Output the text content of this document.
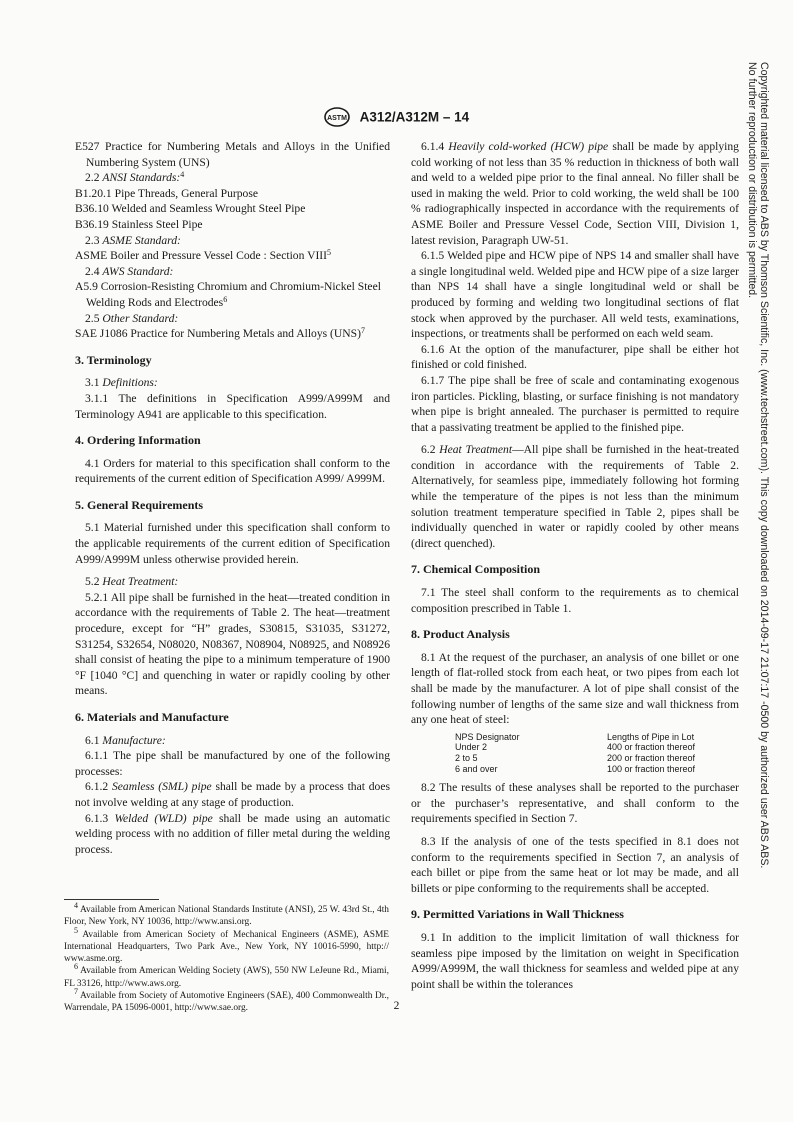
ASTM A312/A312M – 14

E527 Practice for Numbering Metals and Alloys in the Unified Numbering System (UNS)

2.2 ANSI Standards:$^4$

B1.20.1 Pipe Threads, General Purpose

B36.10 Welded and Seamless Wrought Steel Pipe

B36.19 Stainless Steel Pipe

2.3 ASME Standard:

ASME Boiler and Pressure Vessel Code : Section VIII$^5$

2.4 AWS Standard:

A5.9 Corrosion-Resisting Chromium and Chromium-Nickel Steel Welding Rods and Electrodes$^6$

2.5 Other Standard:

SAE J1086 Practice for Numbering Metals and Alloys (UNS)$^7$

3. Terminology

3.1 Definitions:

3.1.1 The definitions in Specification A999/A999M and Terminology A941 are applicable to this specification.

4. Ordering Information

4.1 Orders for material to this specification shall conform to the requirements of the current edition of Specification A999/ A999M.

5. General Requirements

5.1 Material furnished under this specification shall conform to the applicable requirements of the current edition of Specification A999/A999M unless otherwise provided herein.

5.2 Heat Treatment:

5.2.1 All pipe shall be furnished in the heat—treated condition in accordance with the requirements of Table 2. The heat—treatment procedure, except for “H” grades, S30815, S31035, S31272, S31254, S32654, N08020, N08367, N08904, N08925, and N08926 shall consist of heating the pipe to a minimum temperature of 1900 °F [1040 °C] and quenching in water or rapidly cooling by other means.

6. Materials and Manufacture

6.1 Manufacture:

6.1.1 The pipe shall be manufactured by one of the following processes:

6.1.2 Seamless (SML) pipe shall be made by a process that does not involve welding at any stage of production.

6.1.3 Welded (WLD) pipe shall be made using an automatic welding process with no addition of filler metal during the welding process.

$^4$ Available from American National Standards Institute (ANSI), 25 W. 43rd St., 4th Floor, New York, NY 10036, http://www.ansi.org.

$^5$ Available from American Society of Mechanical Engineers (ASME), ASME International Headquarters, Two Park Ave., New York, NY 10016-5990, http:// www.asme.org.

$^6$ Available from American Welding Society (AWS), 550 NW LeJeune Rd., Miami, FL 33126, http://www.aws.org.

$^7$ Available from Society of Automotive Engineers (SAE), 400 Commonwealth Dr., Warrendale, PA 15096-0001, http://www.sae.org.

6.1.4 Heavily cold-worked (HCW) pipe shall be made by applying cold working of not less than 35 % reduction in thickness of both wall and weld to a welded pipe prior to the final anneal. No filler shall be used in making the weld. Prior to cold working, the weld shall be 100 % radiographically inspected in accordance with the requirements of ASME Boiler and Pressure Vessel Code, Section VIII, Division 1, latest revision, Paragraph UW-51.

6.1.5 Welded pipe and HCW pipe of NPS 14 and smaller shall have a single longitudinal weld. Welded pipe and HCW pipe of a size larger than NPS 14 shall have a single longitudinal weld or shall be produced by forming and welding two longitudinal sections of flat stock when approved by the purchaser. All weld tests, examinations, inspections, or treatments shall be performed on each weld seam.

6.1.6 At the option of the manufacturer, pipe shall be either hot finished or cold finished.

6.1.7 The pipe shall be free of scale and contaminating exogenous iron particles. Pickling, blasting, or surface finishing is not mandatory when pipe is bright annealed. The purchaser is permitted to require that a passivating treatment be applied to the finished pipe.

6.2 Heat Treatment—All pipe shall be furnished in the heat-treated condition in accordance with the requirements of Table 2. Alternatively, for seamless pipe, immediately following hot forming while the temperature of the pipes is not less than the minimum solution treatment temperature specified in Table 2, pipes shall be individually quenched in water or rapidly cooled by other means (direct quenched).

7. Chemical Composition

7.1 The steel shall conform to the requirements as to chemical composition prescribed in Table 1.

8. Product Analysis

8.1 At the request of the purchaser, an analysis of one billet or one length of flat-rolled stock from each heat, or two pipes from each lot shall be made by the manufacturer. A lot of pipe shall consist of the following number of lengths of the same size and wall thickness from any one heat of steel:

NPS Designator	Lengths of Pipe in Lot
Under 2	400 or fraction thereof
2 to 5	200 or fraction thereof
6 and over	100 or fraction thereof

8.2 The results of these analyses shall be reported to the purchaser or the purchaser’s representative, and shall conform to the requirements specified in Section 7.

8.3 If the analysis of one of the tests specified in 8.1 does not conform to the requirements specified in Section 7, an analysis of each billet or pipe from the same heat or lot may be made, and all billets or pipe conforming to the requirements shall be accepted.

9. Permitted Variations in Wall Thickness

9.1 In addition to the implicit limitation of wall thickness for seamless pipe imposed by the limitation on weight in Specification A999/A999M, the wall thickness for seamless and welded pipe at any point shall be within the tolerances

2
Copyrighted material licensed to ABS by Thomson Scientific, Inc. (www.techstreet.com). This copy downloaded on 2014-09-17 21:07:17 -0500 by authorized user ABS ABS.
No further reproduction or distribution is permitted.
